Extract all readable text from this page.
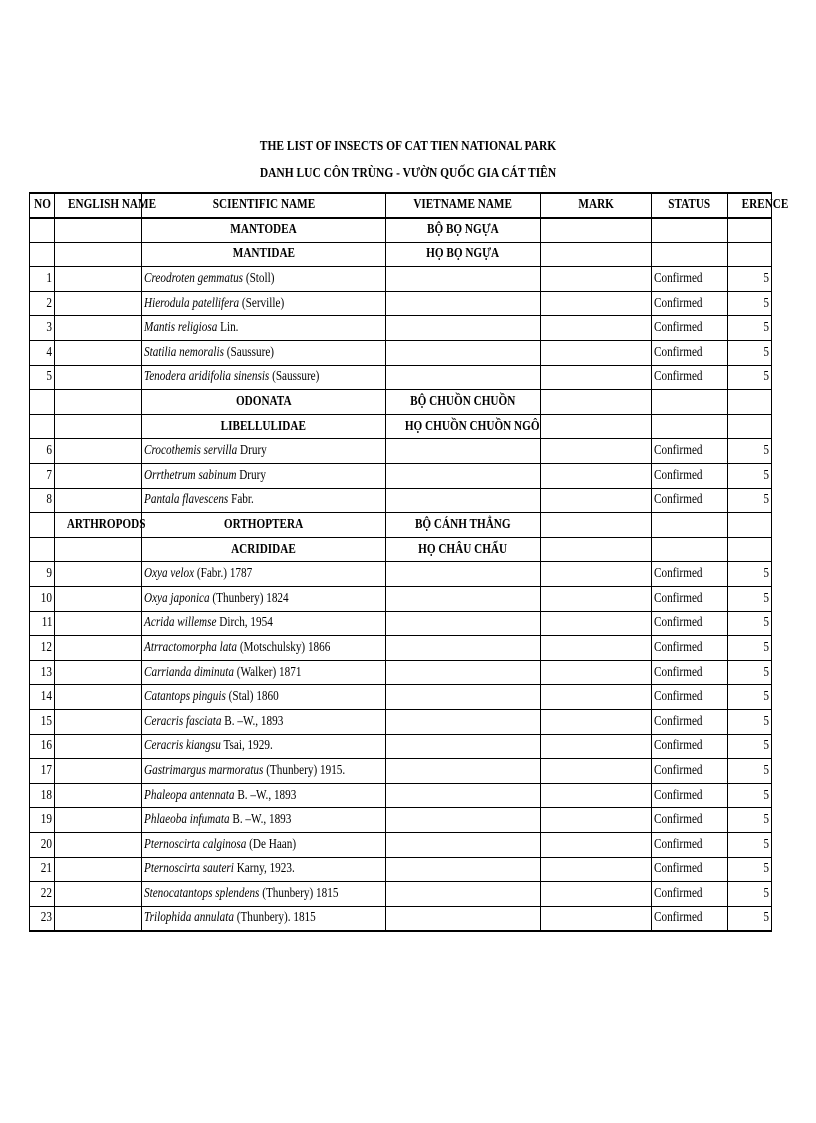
THE LIST OF INSECTS OF CAT TIEN NATIONAL PARK
DANH LUC CÔN TRÙNG - VƯỜN QUỐC GIA CÁT TIÊN
NO	ENGLISH NAME	SCIENTIFIC NAME	VIETNAME NAME	MARK	STATUS	ERENCE
		MANTODEA	BỘ BỌ NGỰA			
		MANTIDAE	HỌ BỌ NGỰA			
1		Creodroten gemmatus (Stoll)			Confirmed	5
2		Hierodula patellifera (Serville)			Confirmed	5
3		Mantis religiosa Lin.			Confirmed	5
4		Statilia nemoralis (Saussure)			Confirmed	5
5		Tenodera aridifolia sinensis (Saussure)			Confirmed	5
		ODONATA	BỘ CHUỒN CHUỒN			
		LIBELLULIDAE	HỌ CHUỒN CHUỒN NGÔ			
6		Crocothemis servilla Drury			Confirmed	5
7		Orrthetrum sabinum Drury			Confirmed	5
8		Pantala flavescens Fabr.			Confirmed	5
	ARTHROPODS	ORTHOPTERA	BỘ CÁNH THẲNG			
		ACRIDIDAE	HỌ CHÂU CHẤU			
9		Oxya velox (Fabr.) 1787			Confirmed	5
10		Oxya japonica (Thunbery) 1824			Confirmed	5
11		Acrida willemse Dirch, 1954			Confirmed	5
12		Atrractomorpha lata (Motschulsky) 1866			Confirmed	5
13		Carrianda diminuta (Walker) 1871			Confirmed	5
14		Catantops pinguis (Stal) 1860			Confirmed	5
15		Ceracris fasciata B. –W., 1893			Confirmed	5
16		Ceracris kiangsu Tsai, 1929.			Confirmed	5
17		Gastrimargus marmoratus (Thunbery) 1915.			Confirmed	5
18		Phaleopa antennata B. –W., 1893			Confirmed	5
19		Phlaeoba infumata B. –W., 1893			Confirmed	5
20		Pternoscirta calginosa (De Haan)			Confirmed	5
21		Pternoscirta sauteri Karny, 1923.			Confirmed	5
22		Stenocatantops splendens (Thunbery) 1815			Confirmed	5
23		Trilophida annulata (Thunbery). 1815			Confirmed	5
